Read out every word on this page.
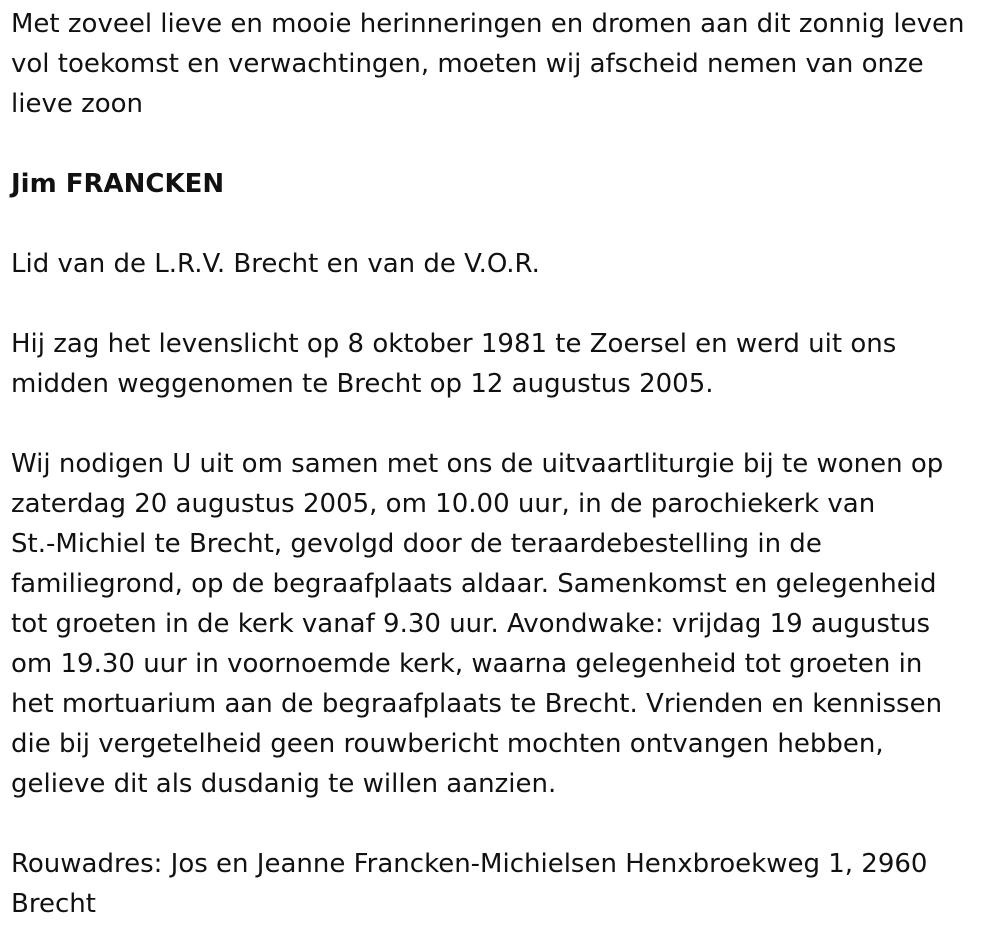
Met zoveel lieve en mooie herinneringen en dromen aan dit zonnig leven
vol toekomst en verwachtingen, moeten wij afscheid nemen van onze
lieve zoon
Jim FRANCKEN
Lid van de L.R.V. Brecht en van de V.O.R.
Hij zag het levenslicht op 8 oktober 1981 te Zoersel en werd uit ons
midden weggenomen te Brecht op 12 augustus 2005.
Wij nodigen U uit om samen met ons de uitvaartliturgie bij te wonen op
zaterdag 20 augustus 2005, om 10.00 uur, in de parochiekerk van
St.-Michiel te Brecht, gevolgd door de teraardebestelling in de
familiegrond, op de begraafplaats aldaar. Samenkomst en gelegenheid
tot groeten in de kerk vanaf 9.30 uur. Avondwake: vrijdag 19 augustus
om 19.30 uur in voornoemde kerk, waarna gelegenheid tot groeten in
het mortuarium aan de begraafplaats te Brecht. Vrienden en kennissen
die bij vergetelheid geen rouwbericht mochten ontvangen hebben,
gelieve dit als dusdanig te willen aanzien.
Rouwadres: Jos en Jeanne Francken-Michielsen Henxbroekweg 1, 2960
Brecht
